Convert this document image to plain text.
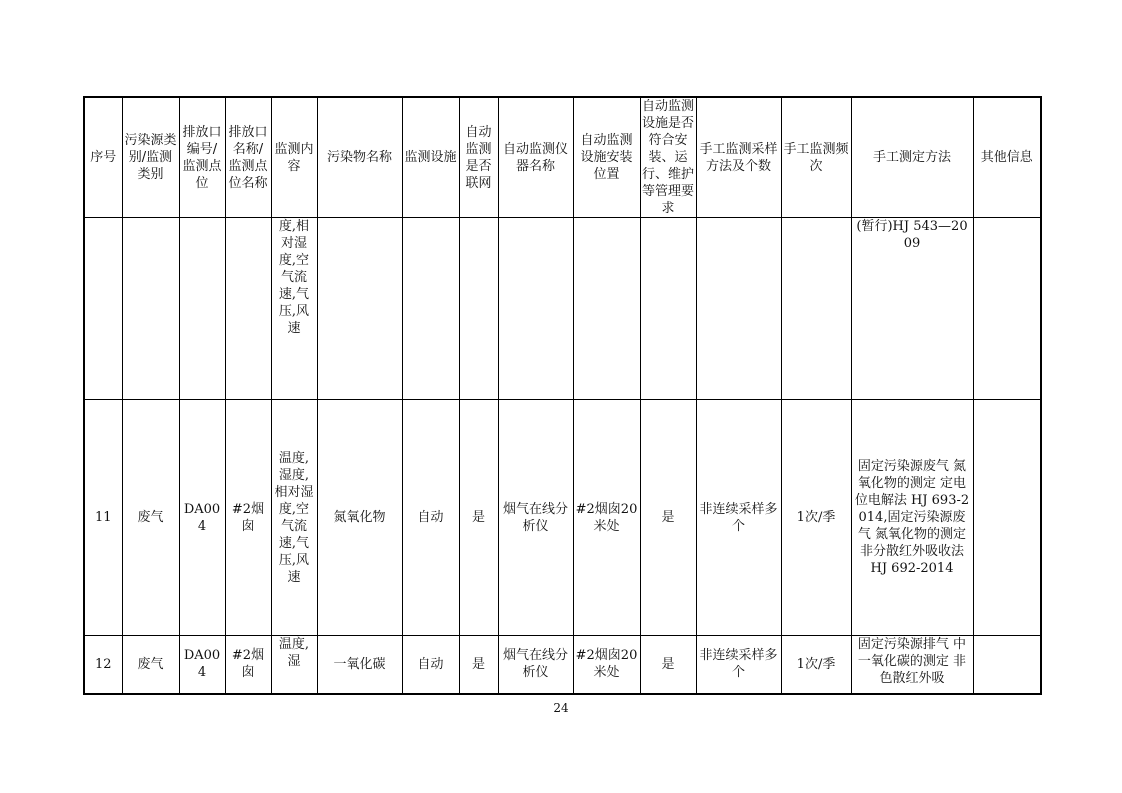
序号	污染源类别/监测类别	排放口编号/监测点位	排放口名称/监测点位名称	监测内容	污染物名称	监测设施	自动监测是否联网	自动监测仪器名称	自动监测设施安装位置	自动监测设施是否符合安装、运行、维护等管理要求	手工监测采样方法及个数	手工监测频次	手工测定方法	其他信息
				度,相对湿度,空气流速,气压,风速									(暂行)HJ 543—2009	
11	废气	DA004	#2烟囱	温度,湿度,相对湿度,空气流速,气压,风速	氮氧化物	自动	是	烟气在线分析仪	#2烟囱20米处	是	非连续采样多个	1次/季	固定污染源废气 氮氧化物的测定 定电位电解法 HJ 693-2014,固定污染源废气 氮氧化物的测定 非分散红外吸收法 HJ 692-2014	
12	废气	DA004	#2烟囱	温度,湿	一氧化碳	自动	是	烟气在线分析仪	#2烟囱20米处	是	非连续采样多个	1次/季	固定污染源排气 中一氧化碳的测定 非色散红外吸	
24
